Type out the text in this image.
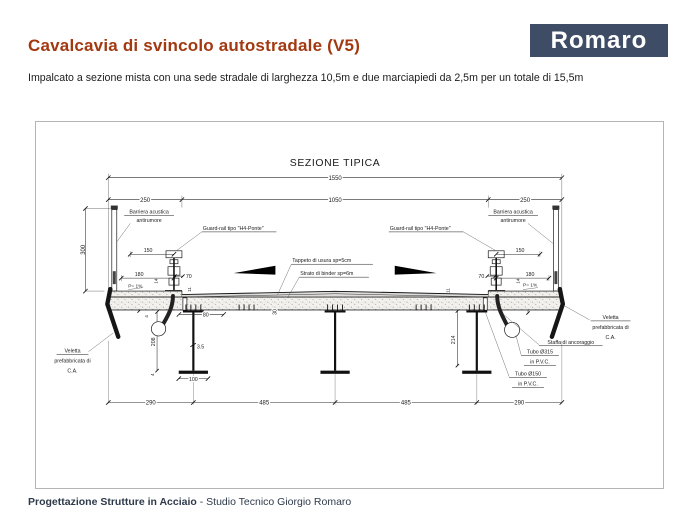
Cavalcavia di svincolo autostradale (V5)	Romaro

Impalcato a sezione mista con una sede stradale di larghezza 10,5m e due marciapiedi da 2,5m per un totale di 15,5m

SEZIONE TIPICA
1550
250	1050	250
300
Barriera acustica
antirumore
Barriera acustica
antirumore
Guard-rail tipo "H4-Ponte"	Guard-rail tipo "H4-Ponte"
150
180	70
P= 1%
14
11
4
150
180
70
P= 1%
14
11
214
208
4
3.5
100
80
30
Tappeto di usura sp=5cm
Strato di binder sp=6m
Veletta
prefabbricata di
C.A.
Veletta
prefabbricata di
C.A.
Staffa di ancoraggio
Tubo Ø315
in P.V.C.
Tubo Ø150
in P.V.C.
290	485	485	290

Progettazione Strutture in Acciaio - Studio Tecnico Giorgio Romaro
